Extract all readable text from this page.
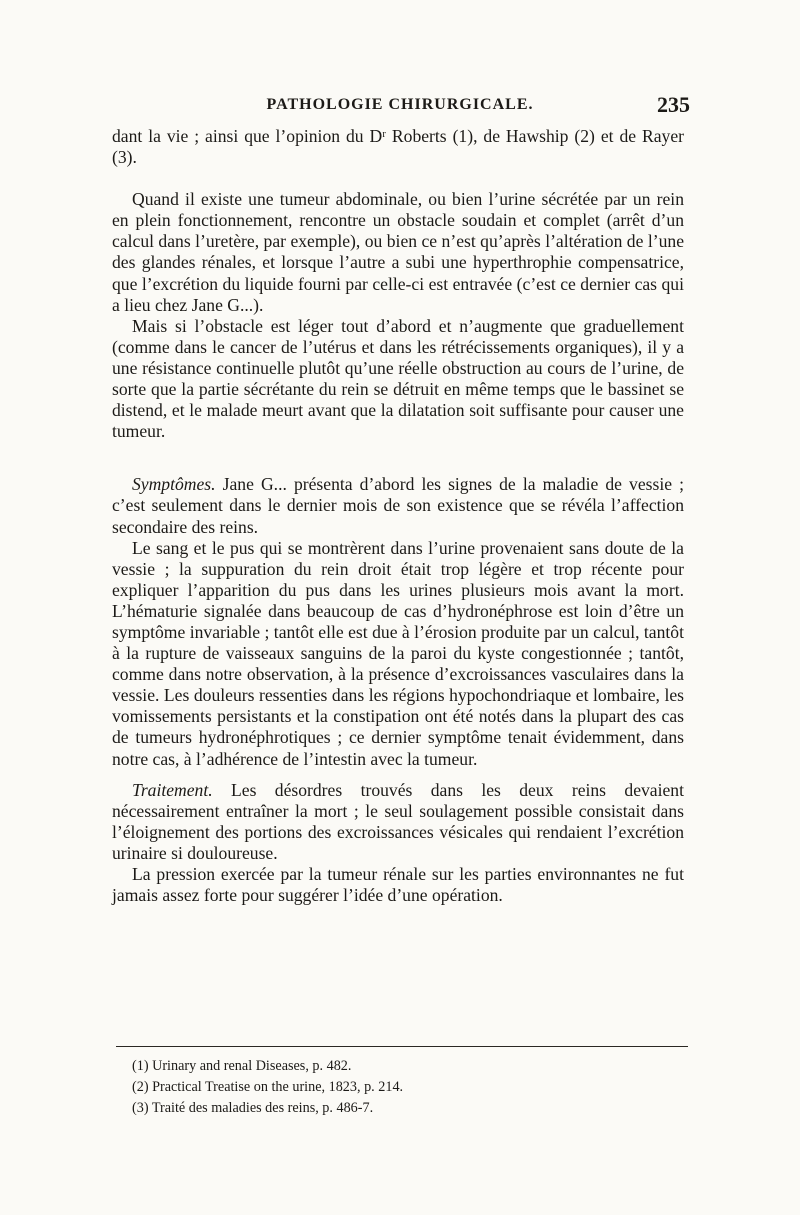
PATHOLOGIE CHIRURGICALE.	235

dant la vie ; ainsi que l’opinion du Dʳ Roberts (1), de Hawship (2) et de Rayer (3).

Quand il existe une tumeur abdominale, ou bien l’urine sécrétée par un rein en plein fonctionnement, rencontre un obstacle soudain et complet (arrêt d’un calcul dans l’uretère, par exemple), ou bien ce n’est qu’après l’altération de l’une des glandes rénales, et lorsque l’autre a subi une hyperthrophie compensatrice, que l’excrétion du liquide fourni par celle-ci est entravée (c’est ce dernier cas qui a lieu chez Jane G...).

Mais si l’obstacle est léger tout d’abord et n’augmente que graduellement (comme dans le cancer de l’utérus et dans les rétrécissements organiques), il y a une résistance continuelle plutôt qu’une réelle obstruction au cours de l’urine, de sorte que la partie sécrétante du rein se détruit en même temps que le bassinet se distend, et le malade meurt avant que la dilatation soit suffisante pour causer une tumeur.

Symptômes. Jane G... présenta d’abord les signes de la maladie de vessie ; c’est seulement dans le dernier mois de son existence que se révéla l’affection secondaire des reins.

Le sang et le pus qui se montrèrent dans l’urine provenaient sans doute de la vessie ; la suppuration du rein droit était trop légère et trop récente pour expliquer l’apparition du pus dans les urines plusieurs mois avant la mort. L’hématurie signalée dans beaucoup de cas d’hydronéphrose est loin d’être un symptôme invariable ; tantôt elle est due à l’érosion produite par un calcul, tantôt à la rupture de vaisseaux sanguins de la paroi du kyste congestionnée ; tantôt, comme dans notre observation, à la présence d’excroissances vasculaires dans la vessie. Les douleurs ressenties dans les régions hypochondriaque et lombaire, les vomissements persistants et la constipation ont été notés dans la plupart des cas de tumeurs hydronéphrotiques ; ce dernier symptôme tenait évidemment, dans notre cas, à l’adhérence de l’intestin avec la tumeur.

Traitement. Les désordres trouvés dans les deux reins devaient nécessairement entraîner la mort ; le seul soulagement possible consistait dans l’éloignement des portions des excroissances vésicales qui rendaient l’excrétion urinaire si douloureuse.

La pression exercée par la tumeur rénale sur les parties environnantes ne fut jamais assez forte pour suggérer l’idée d’une opération.

(1) Urinary and renal Diseases, p. 482.
(2) Practical Treatise on the urine, 1823, p. 214.
(3) Traité des maladies des reins, p. 486-7.
